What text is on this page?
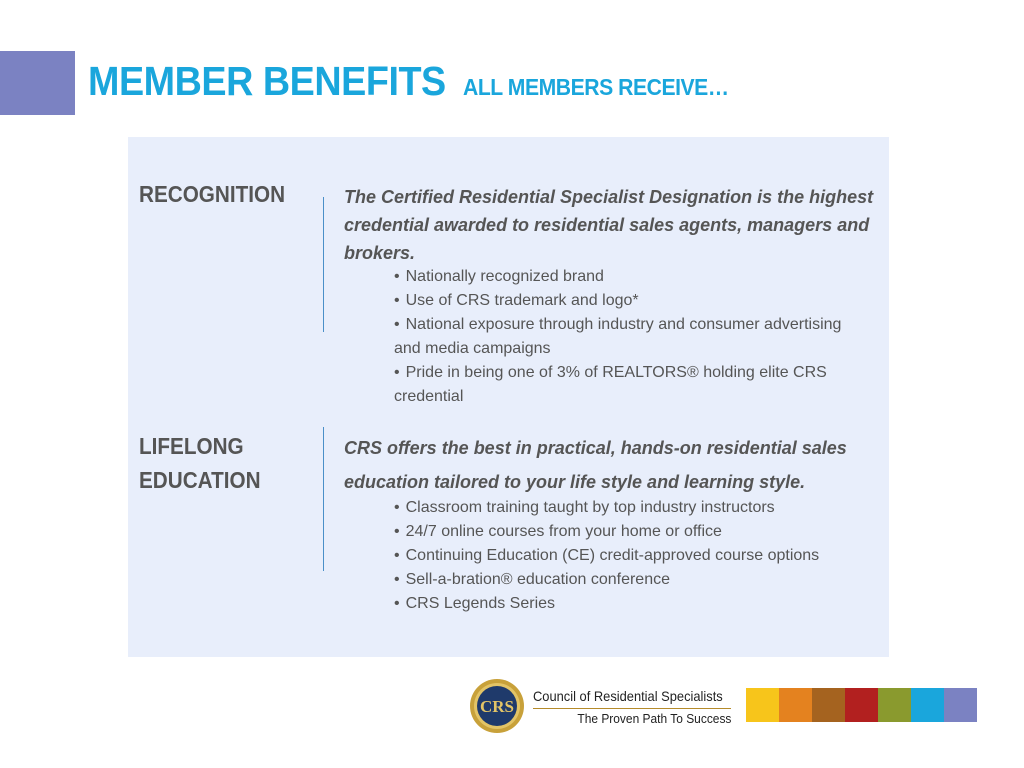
MEMBER BENEFITS ALL MEMBERS RECEIVE…
RECOGNITION	The Certified Residential Specialist Designation is the highest credential awarded to residential sales agents, managers and brokers.

• Nationally recognized brand
• Use of CRS trademark and logo*
• National exposure through industry and consumer advertising and media campaigns
• Pride in being one of 3% of REALTORS® holding elite CRS credential
LIFELONG
EDUCATION

CRS offers the best in practical, hands-on residential sales education tailored to your life style and learning style.

• Classroom training taught by top industry instructors
• 24/7 online courses from your home or office
• Continuing Education (CE) credit-approved course options
• Sell-a-bration® education conference
• CRS Legends Series
CRS
Council of Residential Specialists
The Proven Path To Success
